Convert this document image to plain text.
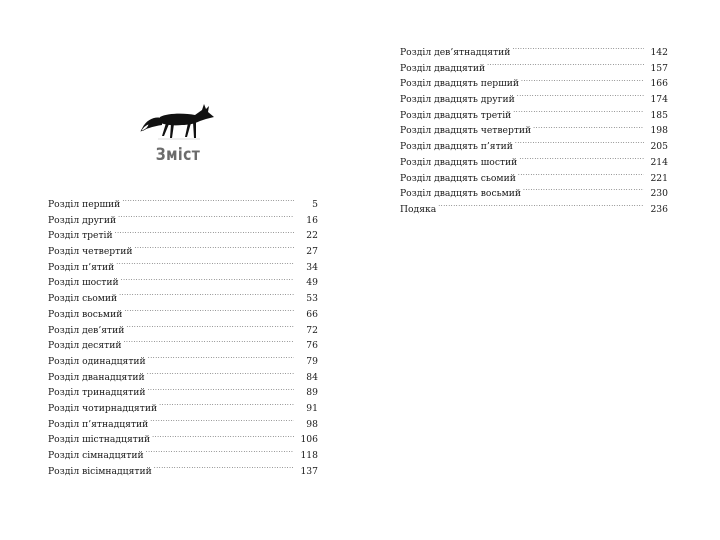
Зміст
Розділ перший .....	5
Розділ другий .....	16
Розділ третій .....	22
Розділ четвертий .....	27
Розділ п’ятий .....	34
Розділ шостий .....	49
Розділ сьомий .....	53
Розділ восьмий .....	66
Розділ дев’ятий .....	72
Розділ десятий .....	76
Розділ одинадцятий .....	79
Розділ дванадцятий .....	84
Розділ тринадцятий .....	89
Розділ чотирнадцятий .....	91
Розділ п’ятнадцятий .....	98
Розділ шістнадцятий .....	106
Розділ сімнадцятий .....	118
Розділ вісімнадцятий .....	137
Розділ дев’ятнадцятий .....	142
Розділ двадцятий .....	157
Розділ двадцять перший .....	166
Розділ двадцять другий .....	174
Розділ двадцять третій .....	185
Розділ двадцять четвертий .....	198
Розділ двадцять п’ятий .....	205
Розділ двадцять шостий .....	214
Розділ двадцять сьомий .....	221
Розділ двадцять восьмий .....	230
Подяка .....	236
